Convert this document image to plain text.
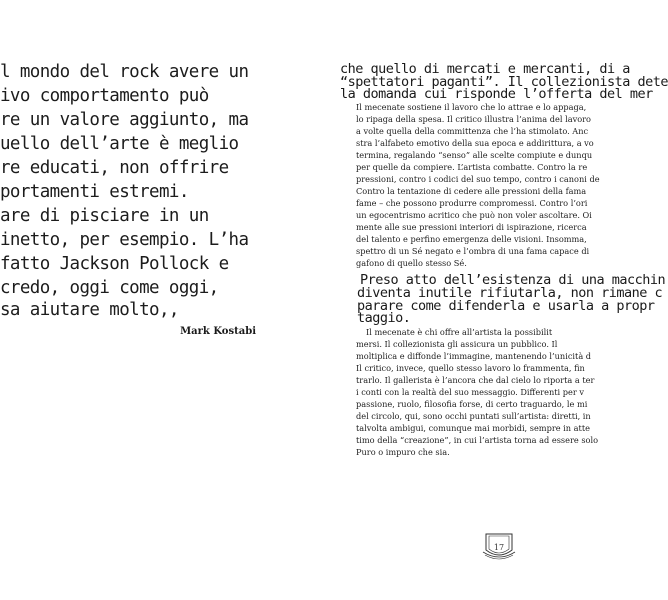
l mondo del rock avere un
ivo comportamento può
re un valore aggiunto, ma
uello dell’arte è meglio
re educati, non offrire
portamenti estremi.
are di pisciare in un
inetto, per esempio. L’ha
fatto Jackson Pollock e
credo, oggi come oggi,
sa aiutare molto,,
Mark Kostabi
che quello di mercati e mercanti, di a
“spettatori paganti”. Il collezionista dete
la domanda cui risponde l’offerta del mer
Il mecenate sostiene il lavoro che lo attrae e lo appaga,
lo ripaga della spesa. Il critico illustra l’anima del lavoro
a volte quella della committenza che l’ha stimolato. Anc
stra l’alfabeto emotivo della sua epoca e addirittura, a vo
termina, regalando “senso” alle scelte compiute e dunqu
per quelle da compiere. L’artista combatte. Contro la re
pressioni, contro i codici del suo tempo, contro i canoni de
Contro la tentazione di cedere alle pressioni della fama
fame – che possono produrre compromessi. Contro l’ori
un egocentrismo acritico che può non voler ascoltare. Oi
mente alle sue pressioni interiori di ispirazione, ricerca
del talento e perfino emergenza delle visioni. Insomma,
spettro di un Sé negato e l’ombra di una fama capace di
gafono di quello stesso Sé.
Preso atto dell’esistenza di una macchin
diventa inutile rifiutarla, non rimane c
parare come difenderla e usarla a propr
taggio.
Il mecenate è chi offre all’artista la possibilit
mersi. Il collezionista gli assicura un pubblico. Il
moltiplica e diffonde l’immagine, mantenendo l’unicità d
Il critico, invece, quello stesso lavoro lo frammenta, fin
trarlo. Il gallerista è l’ancora che dal cielo lo riporta a ter
i conti con la realtà del suo messaggio. Differenti per v
passione, ruolo, filosofia forse, di certo traguardo, le mi
del circolo, qui, sono occhi puntati sull’artista: diretti, in
talvolta ambigui, comunque mai morbidi, sempre in atte
timo della “creazione”, in cui l’artista torna ad essere solo
Puro o impuro che sia.
17
